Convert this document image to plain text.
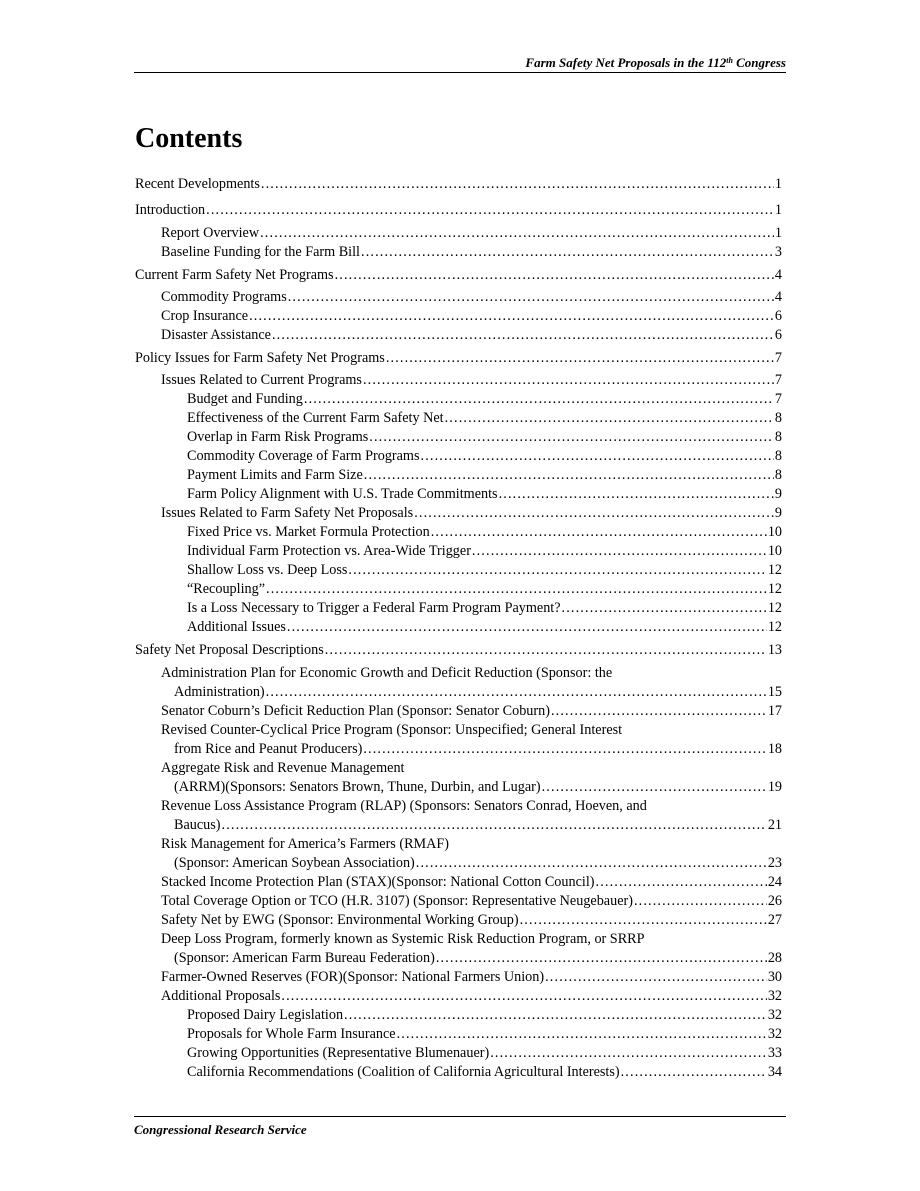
Farm Safety Net Proposals in the 112th Congress
Contents
Recent Developments . . .	1
Introduction . . .	1
Report Overview . . .	1
Baseline Funding for the Farm Bill . . .	3
Current Farm Safety Net Programs . . .	4
Commodity Programs . . .	4
Crop Insurance . . .	6
Disaster Assistance . . .	6
Policy Issues for Farm Safety Net Programs . . .	7
Issues Related to Current Programs . . .	7
Budget and Funding . . .	7
Effectiveness of the Current Farm Safety Net . . .	8
Overlap in Farm Risk Programs . . .	8
Commodity Coverage of Farm Programs . . .	8
Payment Limits and Farm Size . . .	8
Farm Policy Alignment with U.S. Trade Commitments . . .	9
Issues Related to Farm Safety Net Proposals . . .	9
Fixed Price vs. Market Formula Protection . . .	10
Individual Farm Protection vs. Area-Wide Trigger . . .	10
Shallow Loss vs. Deep Loss . . .	12
“Recoupling” . . .	12
Is a Loss Necessary to Trigger a Federal Farm Program Payment? . . .	12
Additional Issues . . .	12
Safety Net Proposal Descriptions . . .	13
Administration Plan for Economic Growth and Deficit Reduction (Sponsor: the
Administration) . . .	15
Senator Coburn’s Deficit Reduction Plan (Sponsor: Senator Coburn) . . .	17
Revised Counter-Cyclical Price Program (Sponsor: Unspecified; General Interest
from Rice and Peanut Producers) . . .	18
Aggregate Risk and Revenue Management
(ARRM)(Sponsors: Senators Brown, Thune, Durbin, and Lugar) . . .	19
Revenue Loss Assistance Program (RLAP) (Sponsors: Senators Conrad, Hoeven, and
Baucus) . . .	21
Risk Management for America’s Farmers (RMAF)
(Sponsor: American Soybean Association) . . .	23
Stacked Income Protection Plan (STAX)(Sponsor: National Cotton Council) . . .	24
Total Coverage Option or TCO (H.R. 3107) (Sponsor: Representative Neugebauer) . . .	26
Safety Net by EWG (Sponsor: Environmental Working Group) . . .	27
Deep Loss Program, formerly known as Systemic Risk Reduction Program, or SRRP
(Sponsor: American Farm Bureau Federation) . . .	28
Farmer-Owned Reserves (FOR)(Sponsor: National Farmers Union) . . .	30
Additional Proposals . . .	32
Proposed Dairy Legislation . . .	32
Proposals for Whole Farm Insurance . . .	32
Growing Opportunities (Representative Blumenauer) . . .	33
California Recommendations (Coalition of California Agricultural Interests) . . .	34
Congressional Research Service
